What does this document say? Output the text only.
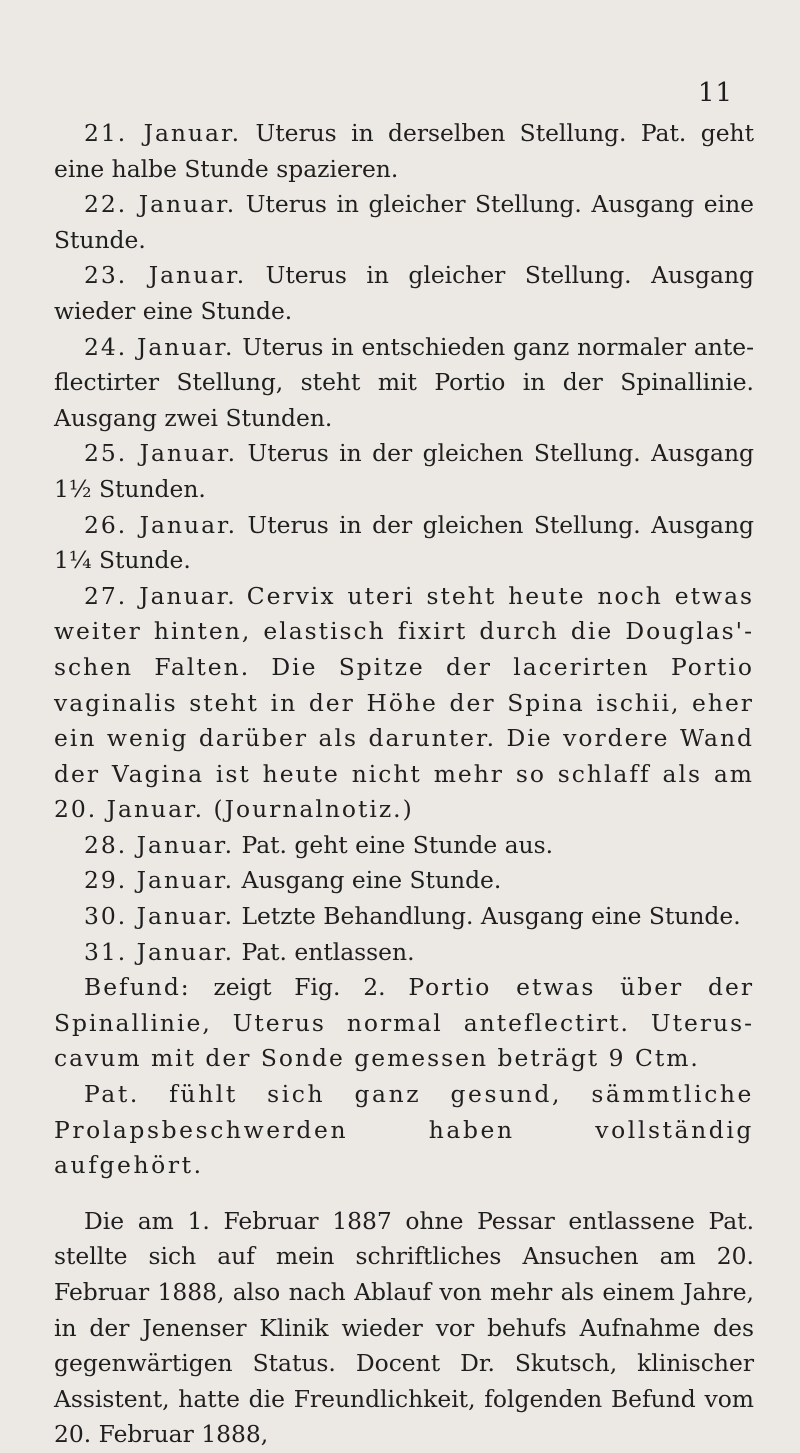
11

21. Januar. Uterus in derselben Stellung. Pat. geht eine halbe Stunde spazieren.

22. Januar. Uterus in gleicher Stellung. Ausgang eine Stunde.

23. Januar. Uterus in gleicher Stellung. Ausgang wieder eine Stunde.

24. Januar. Uterus in entschieden ganz normaler ante-flectirter Stellung, steht mit Portio in der Spinallinie. Ausgang zwei Stunden.

25. Januar. Uterus in der gleichen Stellung. Ausgang 1½ Stunden.

26. Januar. Uterus in der gleichen Stellung. Ausgang 1¼ Stunde.

27. Januar. Cervix uteri steht heute noch etwas weiter hinten, elastisch fixirt durch die Douglas'-schen Falten. Die Spitze der lacerirten Portio vaginalis steht in der Höhe der Spina ischii, eher ein wenig darüber als darunter. Die vordere Wand der Vagina ist heute nicht mehr so schlaff als am 20. Januar. (Journalnotiz.)

28. Januar. Pat. geht eine Stunde aus.

29. Januar. Ausgang eine Stunde.

30. Januar. Letzte Behandlung. Ausgang eine Stunde.

31. Januar. Pat. entlassen.

Befund: zeigt Fig. 2. Portio etwas über der Spinallinie, Uterus normal anteflectirt. Uterus-cavum mit der Sonde gemessen beträgt 9 Ctm.

Pat. fühlt sich ganz gesund, sämmtliche Prolapsbeschwerden haben vollständig aufgehört.

Die am 1. Februar 1887 ohne Pessar entlassene Pat. stellte sich auf mein schriftliches Ansuchen am 20. Februar 1888, also nach Ablauf von mehr als einem Jahre, in der Jenenser Klinik wieder vor behufs Aufnahme des gegenwärtigen Status. Docent Dr. Skutsch, klinischer Assistent, hatte die Freundlichkeit, folgenden Befund vom 20. Februar 1888,
